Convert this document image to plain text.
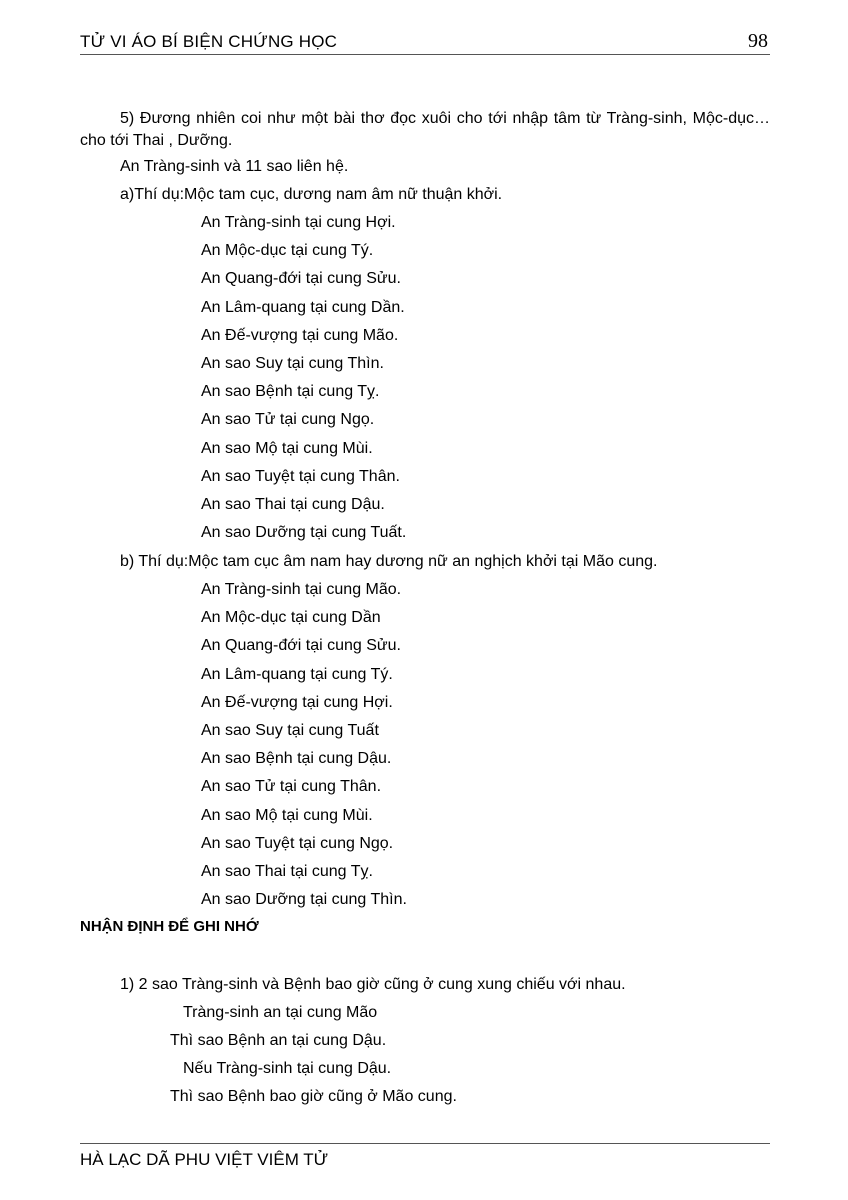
TỬ VI ÁO BÍ BIỆN CHỨNG HỌC	98
5) Đương nhiên coi như một bài thơ đọc xuôi cho tới nhập tâm từ Tràng-sinh, Mộc-dục…cho tới Thai , Dưỡng.
An Tràng-sinh và 11 sao liên hệ.
a)Thí dụ:Mộc tam cục, dương nam âm nữ thuận khởi.
An Tràng-sinh tại cung Hợi.
An Mộc-dục tại cung Tý.
An Quang-đới tại cung Sửu.
An Lâm-quang tại cung Dần.
An Đế-vượng tại cung Mão.
An sao Suy tại cung Thìn.
An sao Bệnh tại cung Tỵ.
An sao Tử tại cung Ngọ.
An sao Mộ tại cung Mùi.
An sao Tuyệt tại cung Thân.
An sao Thai tại cung Dậu.
An sao Dưỡng tại cung Tuất.
b) Thí dụ:Mộc tam cục âm nam hay dương nữ an nghịch khởi tại Mão cung.
An Tràng-sinh tại cung Mão.
An Mộc-dục tại cung Dần
An Quang-đới tại cung Sửu.
An Lâm-quang tại cung Tý.
An Đế-vượng tại cung Hợi.
An sao Suy tại cung Tuất
An sao Bệnh tại cung Dậu.
An sao Tử tại cung Thân.
An sao Mộ tại cung Mùi.
An sao Tuyệt tại cung Ngọ.
An sao Thai tại cung Tỵ.
An sao Dưỡng tại cung Thìn.
NHẬN ĐỊNH ĐỂ GHI NHỚ
1) 2 sao Tràng-sinh và Bệnh bao giờ cũng ở cung xung chiếu với nhau.
Tràng-sinh an tại cung Mão
Thì sao Bệnh an tại cung Dậu.
Nếu Tràng-sinh tại cung Dậu.
Thì sao Bệnh bao giờ cũng ở Mão cung.
HÀ LẠC DÃ PHU VIỆT VIÊM TỬ
